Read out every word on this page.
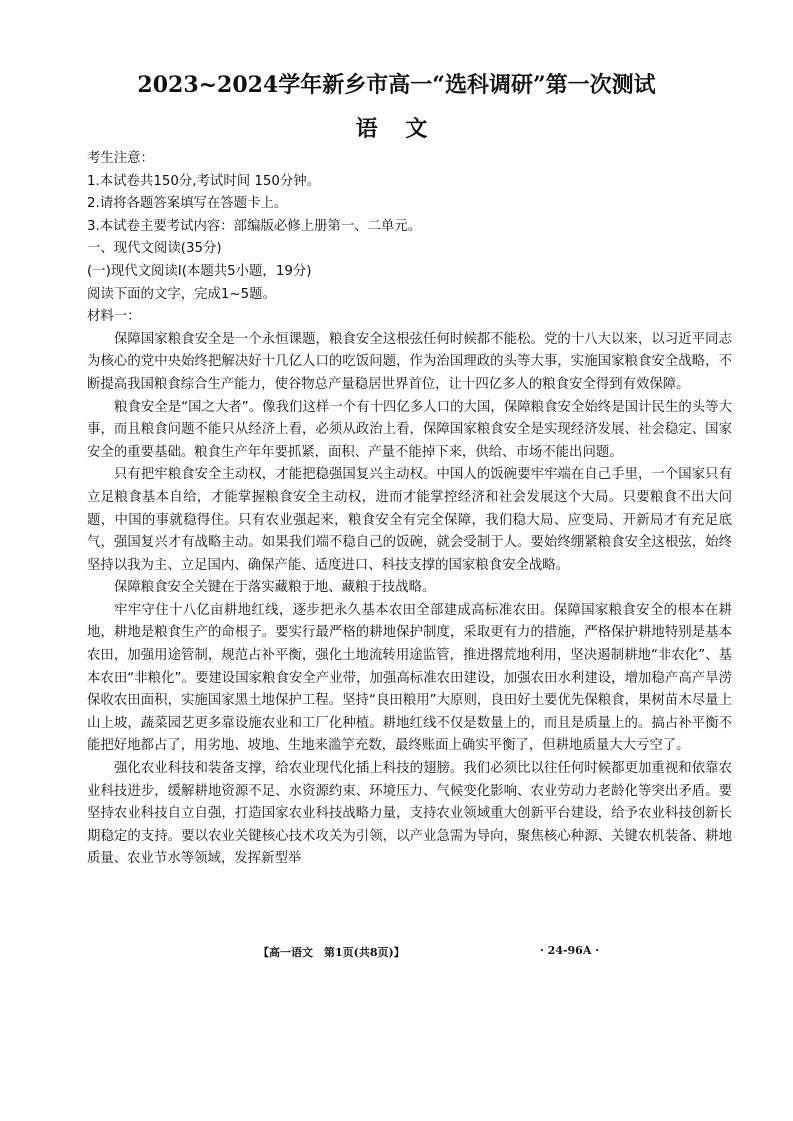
2023~2024学年新乡市高一“选科调研”第一次测试
语 文
考生注意：
1.本试卷共150分,考试时间 150分钟。
2.请将各题答案填写在答题卡上。
3.本试卷主要考试内容：部编版必修上册第一、二单元。
一、现代文阅读(35分)
(一)现代文阅读Ⅰ(本题共5小题，19分)
阅读下面的文字，完成1~5题。
材料一：

保障国家粮食安全是一个永恒课题，粮食安全这根弦任何时候都不能松。党的十八大以来，以习近平同志为核心的党中央始终把解决好十几亿人口的吃饭问题，作为治国理政的头等大事，实施国家粮食安全战略，不断提高我国粮食综合生产能力，使谷物总产量稳居世界首位，让十四亿多人的粮食安全得到有效保障。

粮食安全是“国之大者”。像我们这样一个有十四亿多人口的大国，保障粮食安全始终是国计民生的头等大事，而且粮食问题不能只从经济上看，必须从政治上看，保障国家粮食安全是实现经济发展、社会稳定、国家安全的重要基础。粮食生产年年要抓紧，面积、产量不能掉下来，供给、市场不能出问题。

只有把牢粮食安全主动权，才能把稳强国复兴主动权。中国人的饭碗要牢牢端在自己手里，一个国家只有立足粮食基本自给，才能掌握粮食安全主动权，进而才能掌控经济和社会发展这个大局。只要粮食不出大问题，中国的事就稳得住。只有农业强起来，粮食安全有完全保障，我们稳大局、应变局、开新局才有充足底气，强国复兴才有战略主动。如果我们端不稳自己的饭碗，就会受制于人。要始终绷紧粮食安全这根弦，始终坚持以我为主、立足国内、确保产能、适度进口、科技支撑的国家粮食安全战略。

保障粮食安全关键在于落实藏粮于地、藏粮于技战略。

牢牢守住十八亿亩耕地红线，逐步把永久基本农田全部建成高标准农田。保障国家粮食安全的根本在耕地，耕地是粮食生产的命根子。要实行最严格的耕地保护制度，采取更有力的措施，严格保护耕地特别是基本农田，加强用途管制，规范占补平衡，强化土地流转用途监管，推进撂荒地利用，坚决遏制耕地“非农化”、基本农田“非粮化”。要建设国家粮食安全产业带，加强高标准农田建设，加强农田水利建设，增加稳产高产旱涝保收农田面积，实施国家黑土地保护工程。坚持“良田粮用”大原则，良田好土要优先保粮食，果树苗木尽量上山上坡，蔬菜园艺更多靠设施农业和工厂化种植。耕地红线不仅是数量上的，而且是质量上的。搞占补平衡不能把好地都占了，用劣地、坡地、生地来滥竽充数，最终账面上确实平衡了，但耕地质量大大亏空了。

强化农业科技和装备支撑，给农业现代化插上科技的翅膀。我们必须比以往任何时候都更加重视和依靠农业科技进步，缓解耕地资源不足、水资源约束、环境压力、气候变化影响、农业劳动力老龄化等突出矛盾。要坚持农业科技自立自强，打造国家农业科技战略力量，支持农业领域重大创新平台建设，给予农业科技创新长期稳定的支持。要以农业关键核心技术攻关为引领，以产业急需为导向，聚焦核心种源、关键农机装备、耕地质量、农业节水等领域，发挥新型举

【高一语文　第1页(共8页)】	· 24-96A ·
